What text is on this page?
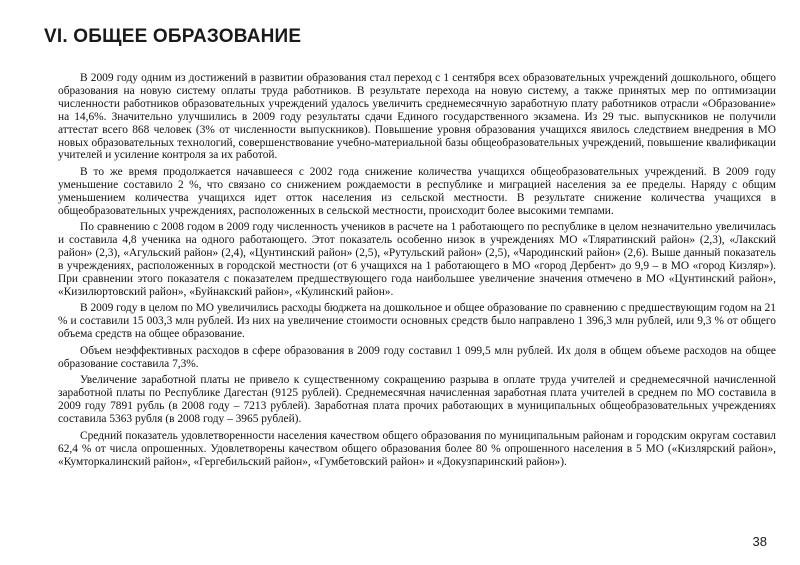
VI. ОБЩЕЕ ОБРАЗОВАНИЕ

В 2009 году одним из достижений в развитии образования стал переход с 1 сентября всех образовательных учреждений дошкольного, общего образования на новую систему оплаты труда работников. В результате перехода на новую систему, а также принятых мер по оптимизации численности работников образовательных учреждений удалось увеличить среднемесячную заработную плату работников отрасли «Образование» на 14,6%. Значительно улучшились в 2009 году результаты сдачи Единого государственного экзамена. Из 29 тыс. выпускников не получили аттестат всего 868 человек (3% от численности выпускников). Повышение уровня образования учащихся явилось следствием внедрения в МО новых образовательных технологий, совершенствование учебно-материальной базы общеобразовательных учреждений, повышение квалификации учителей и усиление контроля за их работой.

В то же время продолжается начавшееся с 2002 года снижение количества учащихся общеобразовательных учреждений. В 2009 году уменьшение составило 2 %, что связано со снижением рождаемости в республике и миграцией населения за ее пределы. Наряду с общим уменьшением количества учащихся идет отток населения из сельской местности. В результате снижение количества учащихся в общеобразовательных учреждениях, расположенных в сельской местности, происходит более высокими темпами.

По сравнению с 2008 годом в 2009 году численность учеников в расчете на 1 работающего по республике в целом незначительно увеличилась и составила 4,8 ученика на одного работающего. Этот показатель особенно низок в учреждениях МО «Тляратинский район» (2,3), «Лакский район» (2,3), «Агульский район» (2,4), «Цунтинский район» (2,5), «Рутульский район» (2,5), «Чародинский район» (2,6). Выше данный показатель в учреждениях, расположенных в городской местности (от 6 учащихся на 1 работающего в МО «город Дербент» до 9,9 – в МО «город Кизляр»). При сравнении этого показателя с показателем предшествующего года наибольшее увеличение значения отмечено в МО «Цунтинский район», «Кизилюртовский район», «Буйнакский район», «Кулинский район».

В 2009 году в целом по МО увеличились расходы бюджета на дошкольное и общее образование по сравнению с предшествующим годом на 21 % и составили 15 003,3 млн рублей. Из них на увеличение стоимости основных средств было направлено 1 396,3 млн рублей, или 9,3 % от общего объема средств на общее образование.

Объем неэффективных расходов в сфере образования в 2009 году составил 1 099,5 млн рублей. Их доля в общем объеме расходов на общее образование составила 7,3%.

Увеличение заработной платы не привело к существенному сокращению разрыва в оплате труда учителей и среднемесячной начисленной заработной платы по Республике Дагестан (9125 рублей). Среднемесячная начисленная заработная плата учителей в среднем по МО составила в 2009 году 7891 рубль (в 2008 году – 7213 рублей). Заработная плата прочих работающих в муниципальных общеобразовательных учреждениях составила 5363 рубля (в 2008 году – 3965 рублей).

Средний показатель удовлетворенности населения качеством общего образования по муниципальным районам и городским округам составил 62,4 % от числа опрошенных. Удовлетворены качеством общего образования более 80 % опрошенного населения в 5 МО («Кизлярский район», «Кумторкалинский район», «Гергебильский район», «Гумбетовский район» и «Докузпаринский район»).

38
